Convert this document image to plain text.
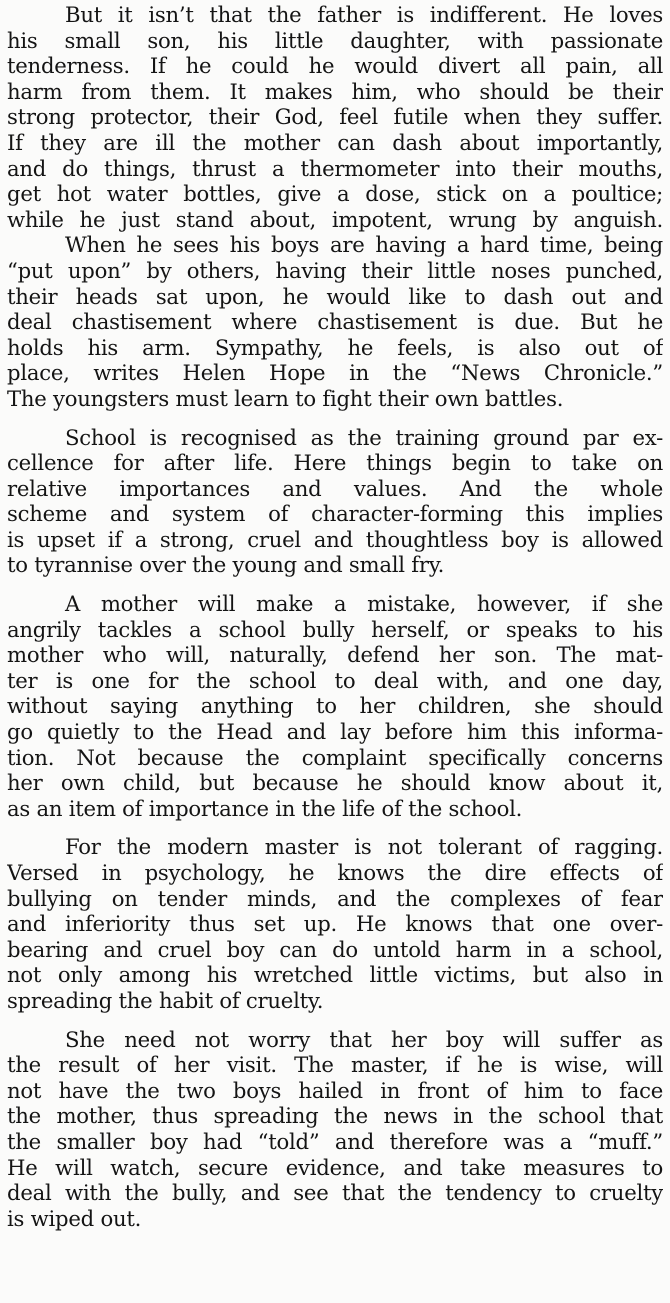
But it isn’t that the father is indifferent. He loves
his small son, his little daughter, with passionate
tenderness. If he could he would divert all pain, all
harm from them. It makes him, who should be their
strong protector, their God, feel futile when they suffer.
If they are ill the mother can dash about importantly,
and do things, thrust a thermometer into their mouths,
get hot water bottles, give a dose, stick on a poultice;
while he just stand about, impotent, wrung by anguish.
When he sees his boys are having a hard time, being
“put upon” by others, having their little noses punched,
their heads sat upon, he would like to dash out and
deal chastisement where chastisement is due. But he
holds his arm. Sympathy, he feels, is also out of
place, writes Helen Hope in the “News Chronicle.”
The youngsters must learn to fight their own battles.
School is recognised as the training ground par ex-
cellence for after life. Here things begin to take on
relative importances and values. And the whole
scheme and system of character-forming this implies
is upset if a strong, cruel and thoughtless boy is allowed
to tyrannise over the young and small fry.
A mother will make a mistake, however, if she
angrily tackles a school bully herself, or speaks to his
mother who will, naturally, defend her son. The mat-
ter is one for the school to deal with, and one day,
without saying anything to her children, she should
go quietly to the Head and lay before him this informa-
tion. Not because the complaint specifically concerns
her own child, but because he should know about it,
as an item of importance in the life of the school.
For the modern master is not tolerant of ragging.
Versed in psychology, he knows the dire effects of
bullying on tender minds, and the complexes of fear
and inferiority thus set up. He knows that one over-
bearing and cruel boy can do untold harm in a school,
not only among his wretched little victims, but also in
spreading the habit of cruelty.
She need not worry that her boy will suffer as
the result of her visit. The master, if he is wise, will
not have the two boys hailed in front of him to face
the mother, thus spreading the news in the school that
the smaller boy had “told” and therefore was a “muff.”
He will watch, secure evidence, and take measures to
deal with the bully, and see that the tendency to cruelty
is wiped out.
